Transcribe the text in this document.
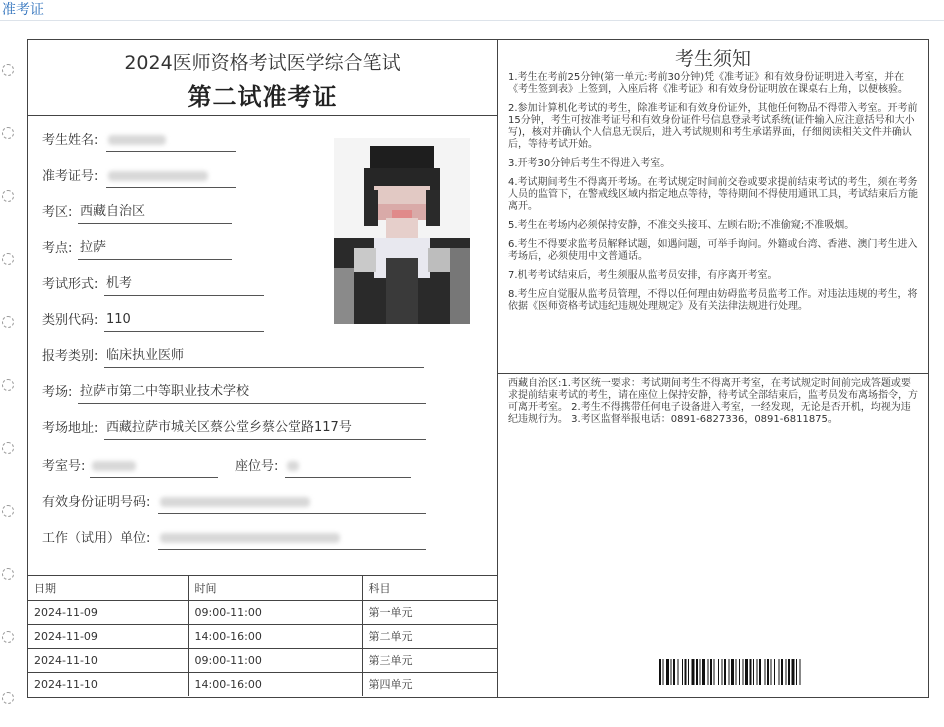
准考证
2024医师资格考试医学综合笔试
第二试准考证
考生姓名:
准考证号:
考区: 西藏自治区
考点: 拉萨
考试形式: 机考
类别代码: 110
报考类别: 临床执业医师
考场: 拉萨市第二中等职业技术学校
考场地址: 西藏拉萨市城关区蔡公堂乡蔡公堂路117号
考室号:	座位号:
有效身份证明号码:
工作（试用）单位:
日期	时间	科目
2024-11-09	09:00-11:00	第一单元
2024-11-09	14:00-16:00	第二单元
2024-11-10	09:00-11:00	第三单元
2024-11-10	14:00-16:00	第四单元
考生须知

1.考生在考前25分钟(第一单元:考前30分钟)凭《准考证》和有效身份证明进入考室，并在《考生签到表》上签到，入座后将《准考证》和有效身份证明放在课桌右上角，以便核验。

2.参加计算机化考试的考生，除准考证和有效身份证外，其他任何物品不得带入考室。开考前15分钟，考生可按准考证号和有效身份证件号信息登录考试系统(证件输入应注意括号和大小写)，核对并确认个人信息无误后，进入考试规则和考生承诺界面，仔细阅读相关文件并确认后，等待考试开始。

3.开考30分钟后考生不得进入考室。

4.考试期间考生不得离开考场。在考试规定时间前交卷或要求提前结束考试的考生，须在考务人员的监管下，在警戒线区域内指定地点等待，等待期间不得使用通讯工具，考试结束后方能离开。

5.考生在考场内必须保持安静，不准交头接耳、左顾右盼;不准偷窥;不准吸烟。

6.考生不得要求监考员解释试题，如遇问题，可举手询问。外籍或台湾、香港、澳门考生进入考场后，必须使用中文普通话。

7.机考考试结束后，考生须服从监考员安排，有序离开考室。

8.考生应自觉服从监考员管理，不得以任何理由妨碍监考员监考工作。对违法违规的考生，将依据《医师资格考试违纪违规处理规定》及有关法律法规进行处理。

西藏自治区:1.考区统一要求：考试期间考生不得离开考室，在考试规定时间前完成答题或要求提前结束考试的考生，请在座位上保持安静，待考试全部结束后，监考员发布离场指令，方可离开考室。 2.考生不得携带任何电子设备进入考室，一经发现，无论是否开机，均视为违纪违规行为。 3.考区监督举报电话：0891-6827336，0891-6811875。
